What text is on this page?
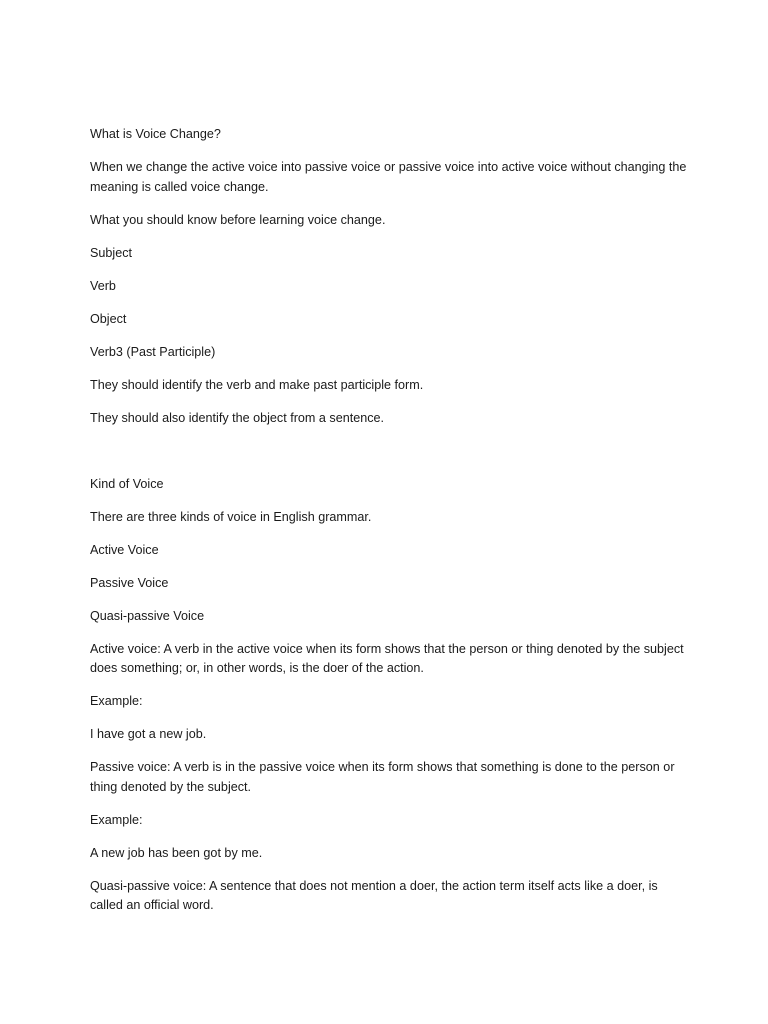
What is Voice Change?

When we change the active voice into passive voice or passive voice into active voice without changing the meaning is called voice change.

What you should know before learning voice change.

Subject

Verb

Object

Verb3 (Past Participle)

They should identify the verb and make past participle form.

They should also identify the object from a sentence.

Kind of Voice

There are three kinds of voice in English grammar.

Active Voice

Passive Voice

Quasi-passive Voice

Active voice: A verb in the active voice when its form shows that the person or thing denoted by the subject does something; or, in other words, is the doer of the action.

Example:

I have got a new job.

Passive voice: A verb is in the passive voice when its form shows that something is done to the person or thing denoted by the subject.

Example:

A new job has been got by me.

Quasi-passive voice: A sentence that does not mention a doer, the action term itself acts like a doer, is called an official word.
